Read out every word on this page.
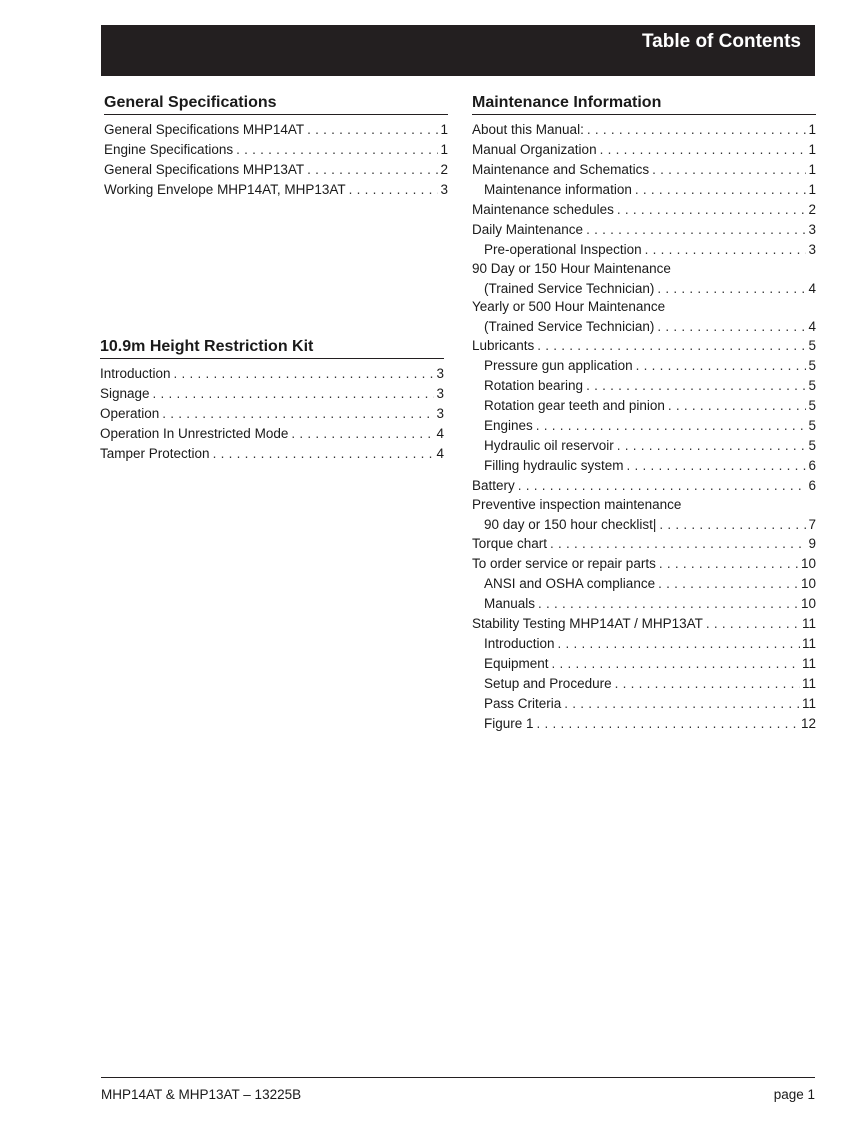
Table of Contents
General Specifications
General Specifications MHP14AT . . .	1
Engine Specifications . . .	1
General Specifications MHP13AT . . .	2
Working Envelope MHP14AT, MHP13AT . . .	3
10.9m Height Restriction Kit
Introduction . . .	3
Signage . . .	3
Operation . . .	3
Operation In Unrestricted Mode . . .	4
Tamper Protection . . .	4
Maintenance Information
About this Manual: . . .	1
Manual Organization . . .	1
Maintenance and Schematics . . .	1
Maintenance information . . .	1
Maintenance schedules . . .	2
Daily Maintenance . . .	3
Pre-operational Inspection . . .	3
90 Day or 150 Hour Maintenance
(Trained Service Technician) . . .	4
Yearly or 500 Hour Maintenance
(Trained Service Technician) . . .	4
Lubricants . . .	5
Pressure gun application . . .	5
Rotation bearing . . .	5
Rotation gear teeth and pinion . . .	5
Engines . . .	5
Hydraulic oil reservoir . . .	5
Filling hydraulic system . . .	6
Battery . . .	6
Preventive inspection maintenance
90 day or 150 hour checklist| . . .	7
Torque chart . . .	9
To order service or repair parts . . .	10
ANSI and OSHA compliance . . .	10
Manuals . . .	10
Stability Testing MHP14AT / MHP13AT . . .	11
Introduction . . .	11
Equipment . . .	11
Setup and Procedure . . .	11
Pass Criteria . . .	11
Figure 1 . . .	12
MHP14AT & MHP13AT – 13225B	page 1
